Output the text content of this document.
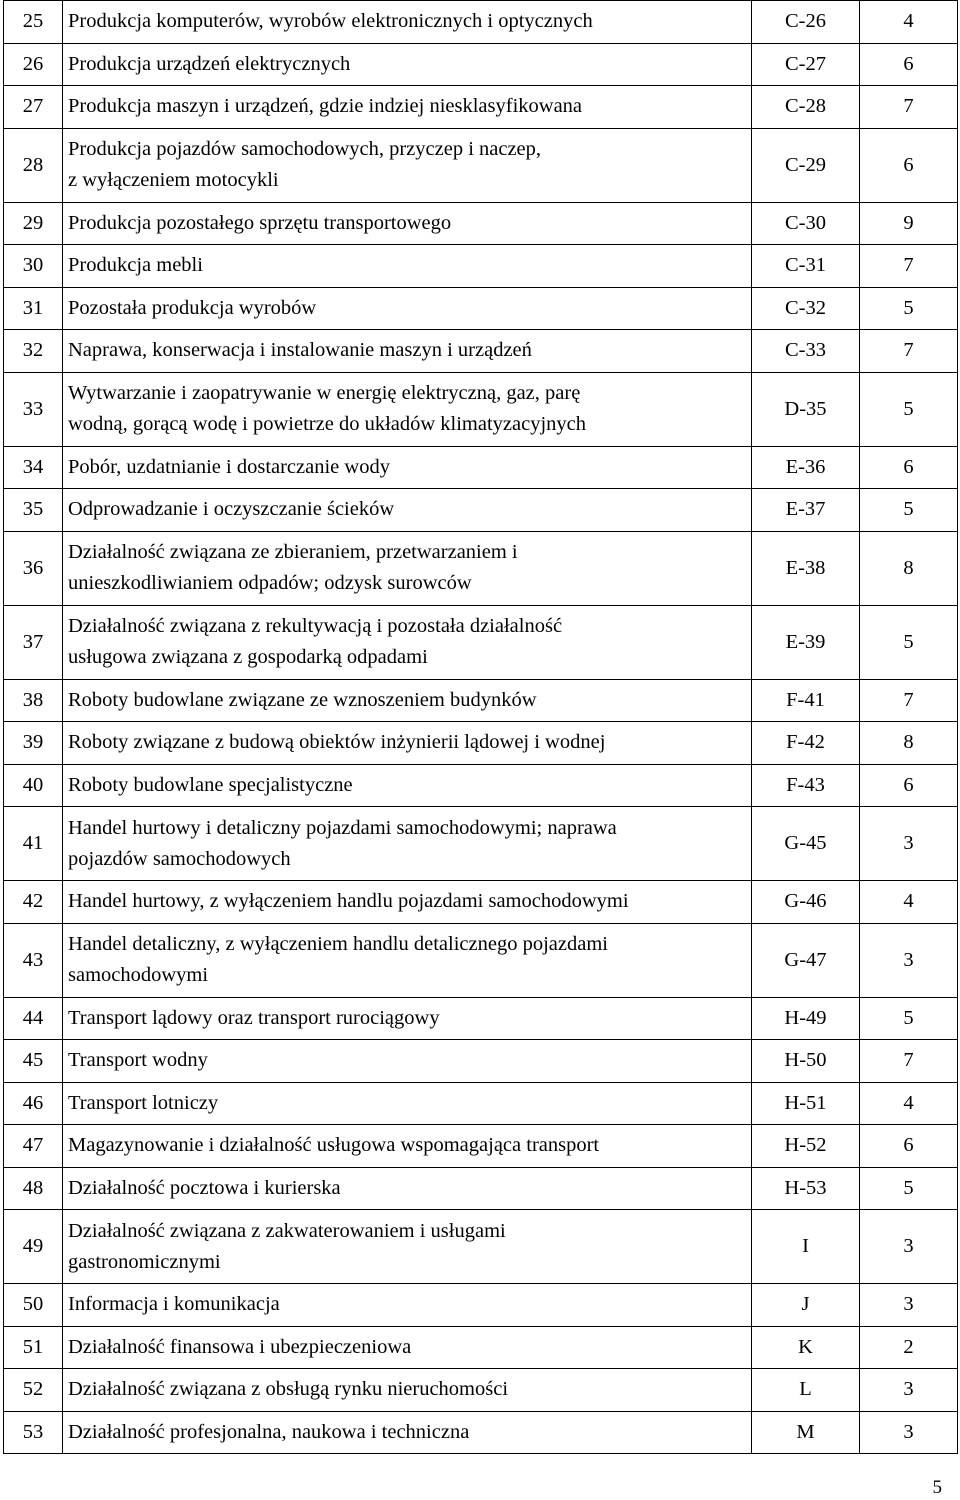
25	Produkcja komputerów, wyrobów elektronicznych i optycznych	C-26	4
26	Produkcja urządzeń elektrycznych	C-27	6
27	Produkcja maszyn i urządzeń, gdzie indziej niesklasyfikowana	C-28	7
28	Produkcja pojazdów samochodowych, przyczep i naczep,
z wyłączeniem motocykli	C-29	6
29	Produkcja pozostałego sprzętu transportowego	C-30	9
30	Produkcja mebli	C-31	7
31	Pozostała produkcja wyrobów	C-32	5
32	Naprawa, konserwacja i instalowanie maszyn i urządzeń	C-33	7
33	Wytwarzanie i zaopatrywanie w energię elektryczną, gaz, parę
wodną, gorącą wodę i powietrze do układów klimatyzacyjnych	D-35	5
34	Pobór, uzdatnianie i dostarczanie wody	E-36	6
35	Odprowadzanie i oczyszczanie ścieków	E-37	5
36	Działalność związana ze zbieraniem, przetwarzaniem i
unieszkodliwianiem odpadów; odzysk surowców	E-38	8
37	Działalność związana z rekultywacją i pozostała działalność
usługowa związana z gospodarką odpadami	E-39	5
38	Roboty budowlane związane ze wznoszeniem budynków	F-41	7
39	Roboty związane z budową obiektów inżynierii lądowej i wodnej	F-42	8
40	Roboty budowlane specjalistyczne	F-43	6
41	Handel hurtowy i detaliczny pojazdami samochodowymi; naprawa
pojazdów samochodowych	G-45	3
42	Handel hurtowy, z wyłączeniem handlu pojazdami samochodowymi	G-46	4
43	Handel detaliczny, z wyłączeniem handlu detalicznego pojazdami
samochodowymi	G-47	3
44	Transport lądowy oraz transport rurociągowy	H-49	5
45	Transport wodny	H-50	7
46	Transport lotniczy	H-51	4
47	Magazynowanie i działalność usługowa wspomagająca transport	H-52	6
48	Działalność pocztowa i kurierska	H-53	5
49	Działalność związana z zakwaterowaniem i usługami
gastronomicznymi	I	3
50	Informacja i komunikacja	J	3
51	Działalność finansowa i ubezpieczeniowa	K	2
52	Działalność związana z obsługą rynku nieruchomości	L	3
53	Działalność profesjonalna, naukowa i techniczna	M	3
5
